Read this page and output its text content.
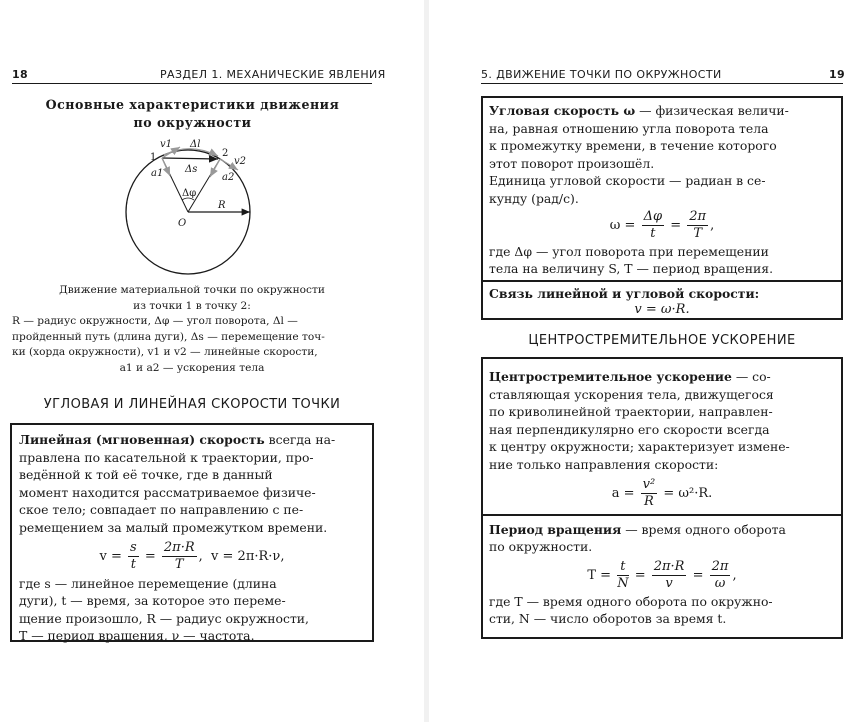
18	РАЗДЕЛ 1. МЕХАНИЧЕСКИЕ ЯВЛЕНИЯ
Основные характеристики движения
по окружности
1	2
v1
v2
a1	a2
Δl
Δs
Δφ
R
O
Движение материальной точки по окружности
из точки 1 в точку 2:
R — радиус окружности, Δφ — угол поворота, Δl —
пройденный путь (длина дуги), Δs — перемещение точ-
ки (хорда окружности), v1 и v2 — линейные скорости,
a1 и a2 — ускорения тела
УГЛОВАЯ И ЛИНЕЙНАЯ СКОРОСТИ ТОЧКИ

Линейная (мгновенная) скорость всегда на-

правлена по касательной к траектории, про-

ведённой к той её точке, где в данный

момент находится рассматриваемое физиче-

ское тело; совпадает по направлению с пе-

ремещением за малый промежутком времени.

$v = \frac{s}{t} = \frac{2\pi\cdot R}{T}$ ,  v = 2π·R·ν,

где s — линейное перемещение (длина

дуги), t — время, за которое это переме-

щение произошло, R — радиус окружности,

T — период вращения, ν — частота.

5. ДВИЖЕНИЕ ТОЧКИ ПО ОКРУЖНОСТИ	19

Угловая скорость ω — физическая величи-

на, равная отношению угла поворота тела

к промежутку времени, в течение которого

этот поворот произошёл.

Единица угловой скорости — радиан в се-

кунду (рад/с).

$\omega = \frac{\Delta\varphi}{t} = \frac{2\pi}{T}$ ,

где Δφ — угол поворота при перемещении

тела на величину S, T — период вращения.

Связь линейной и угловой скорости:

v = ω·R.
ЦЕНТРОСТРЕМИТЕЛЬНОЕ УСКОРЕНИЕ

Центростремительное ускорение — со-

ставляющая ускорения тела, движущегося

по криволинейной траектории, направлен-

ная перпендикулярно его скорости всегда

к центру окружности; характеризует измене-

ние только направления скорости:

$a = \frac{\text{v²}}{R} = \omega^2\cdot R$.

Период вращения — время одного оборота

по окружности.

$T = \frac{t}{N} = \frac{2\pi\cdot R}{v} = \frac{2\pi}{\omega}$ ,

где T — время одного оборота по окружно-

сти, N — число оборотов за время t.
